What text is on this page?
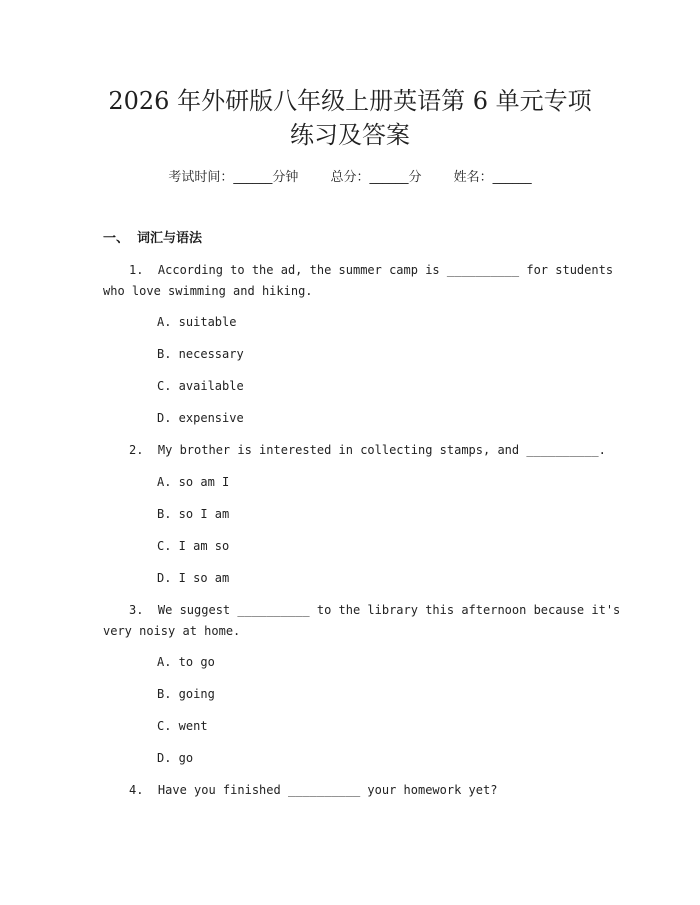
2026 年外研版八年级上册英语第 6 单元专项
练习及答案
考试时间：______分钟 总分：______分 姓名：______
一、 词汇与语法
1.  According to the ad, the summer camp is __________ for students
who love swimming and hiking.
A. suitable
B. necessary
C. available
D. expensive
2.  My brother is interested in collecting stamps, and __________.
A. so am I
B. so I am
C. I am so
D. I so am
3.  We suggest __________ to the library this afternoon because it's
very noisy at home.
A. to go
B. going
C. went
D. go
4.  Have you finished __________ your homework yet?
